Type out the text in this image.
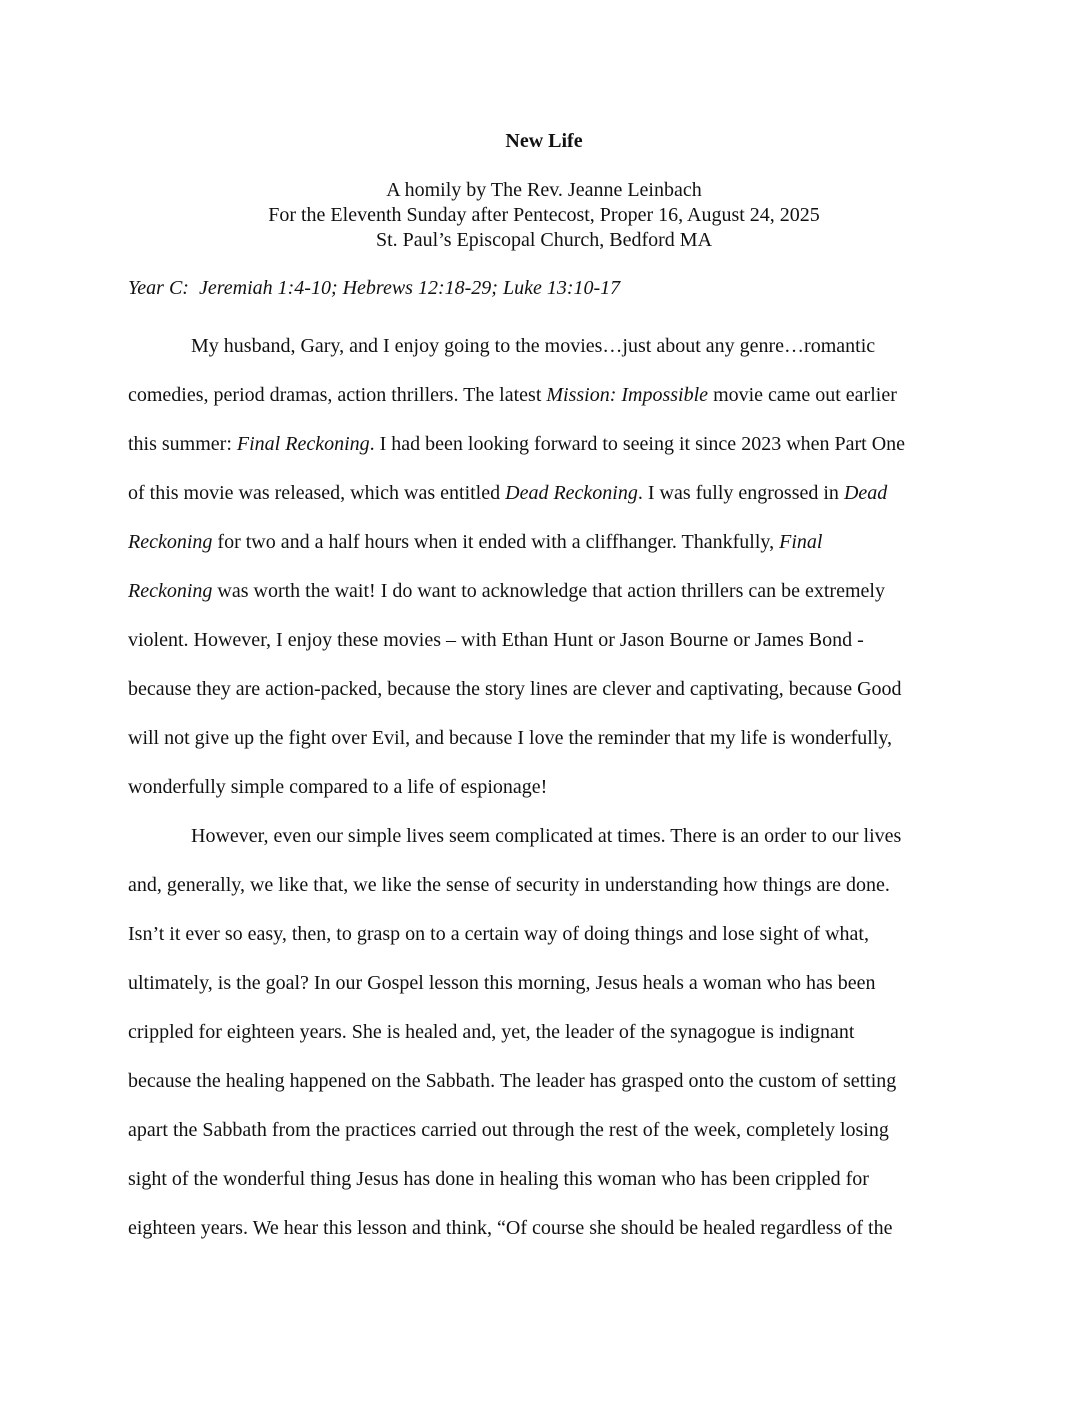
New Life
A homily by The Rev. Jeanne Leinbach
For the Eleventh Sunday after Pentecost, Proper 16, August 24, 2025
St. Paul’s Episcopal Church, Bedford MA
Year C:  Jeremiah 1:4-10; Hebrews 12:18-29; Luke 13:10-17
My husband, Gary, and I enjoy going to the movies…just about any genre…romantic
comedies, period dramas, action thrillers. The latest Mission: Impossible movie came out earlier
this summer: Final Reckoning. I had been looking forward to seeing it since 2023 when Part One
of this movie was released, which was entitled Dead Reckoning. I was fully engrossed in Dead
Reckoning for two and a half hours when it ended with a cliffhanger. Thankfully, Final
Reckoning was worth the wait! I do want to acknowledge that action thrillers can be extremely
violent. However, I enjoy these movies – with Ethan Hunt or Jason Bourne or James Bond -
because they are action-packed, because the story lines are clever and captivating, because Good
will not give up the fight over Evil, and because I love the reminder that my life is wonderfully,
wonderfully simple compared to a life of espionage!
However, even our simple lives seem complicated at times. There is an order to our lives
and, generally, we like that, we like the sense of security in understanding how things are done.
Isn’t it ever so easy, then, to grasp on to a certain way of doing things and lose sight of what,
ultimately, is the goal? In our Gospel lesson this morning, Jesus heals a woman who has been
crippled for eighteen years. She is healed and, yet, the leader of the synagogue is indignant
because the healing happened on the Sabbath. The leader has grasped onto the custom of setting
apart the Sabbath from the practices carried out through the rest of the week, completely losing
sight of the wonderful thing Jesus has done in healing this woman who has been crippled for
eighteen years. We hear this lesson and think, “Of course she should be healed regardless of the
